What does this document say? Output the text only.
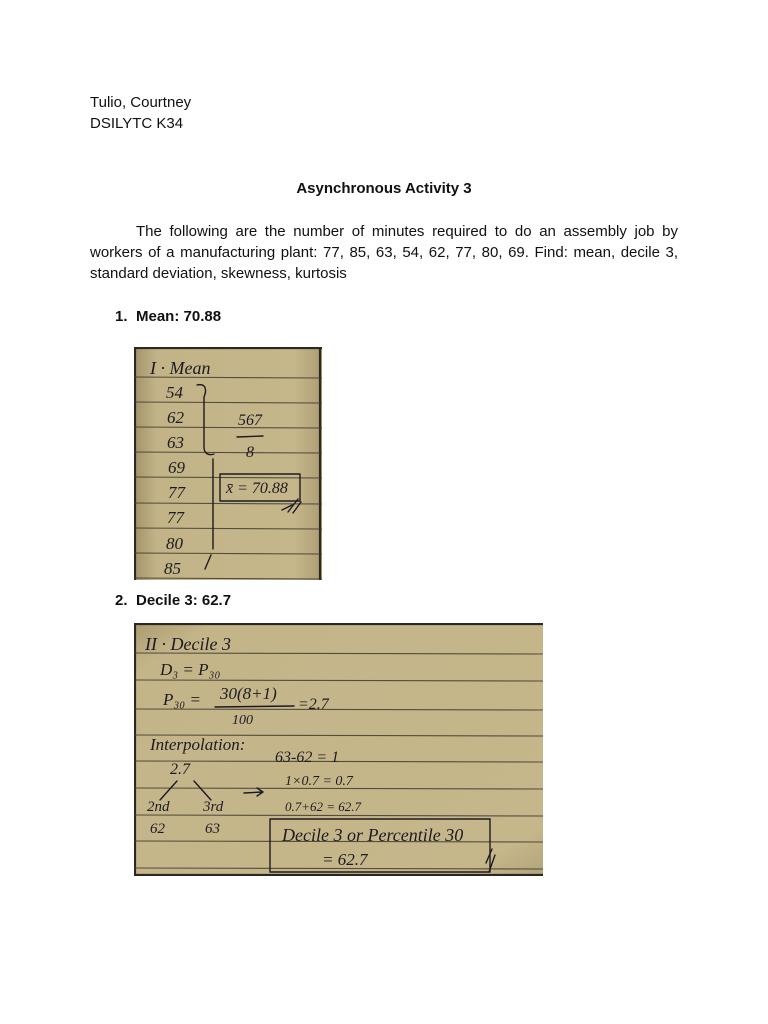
Tulio, Courtney
DSILYTC K34
Asynchronous Activity 3
The following are the number of minutes required to do an assembly job by workers of a manufacturing plant: 77, 85, 63, 54, 62, 77, 80, 69. Find: mean, decile 3, standard deviation, skewness, kurtosis
1. Mean: 70.88
I · Mean
54
62
63
69
77
77
80
85
567
8
x̄ = 70.88
2. Decile 3: 62.7
II · Decile 3
D₃ = P₃₀
P₃₀ = 30(8+1)
100
=2.7
Interpolation:
2.7
2nd 3rd
62	63
63-62 = 1
1×0.7 = 0.7
0.7+62 = 62.7
Decile 3 or Percentile 30
= 62.7
